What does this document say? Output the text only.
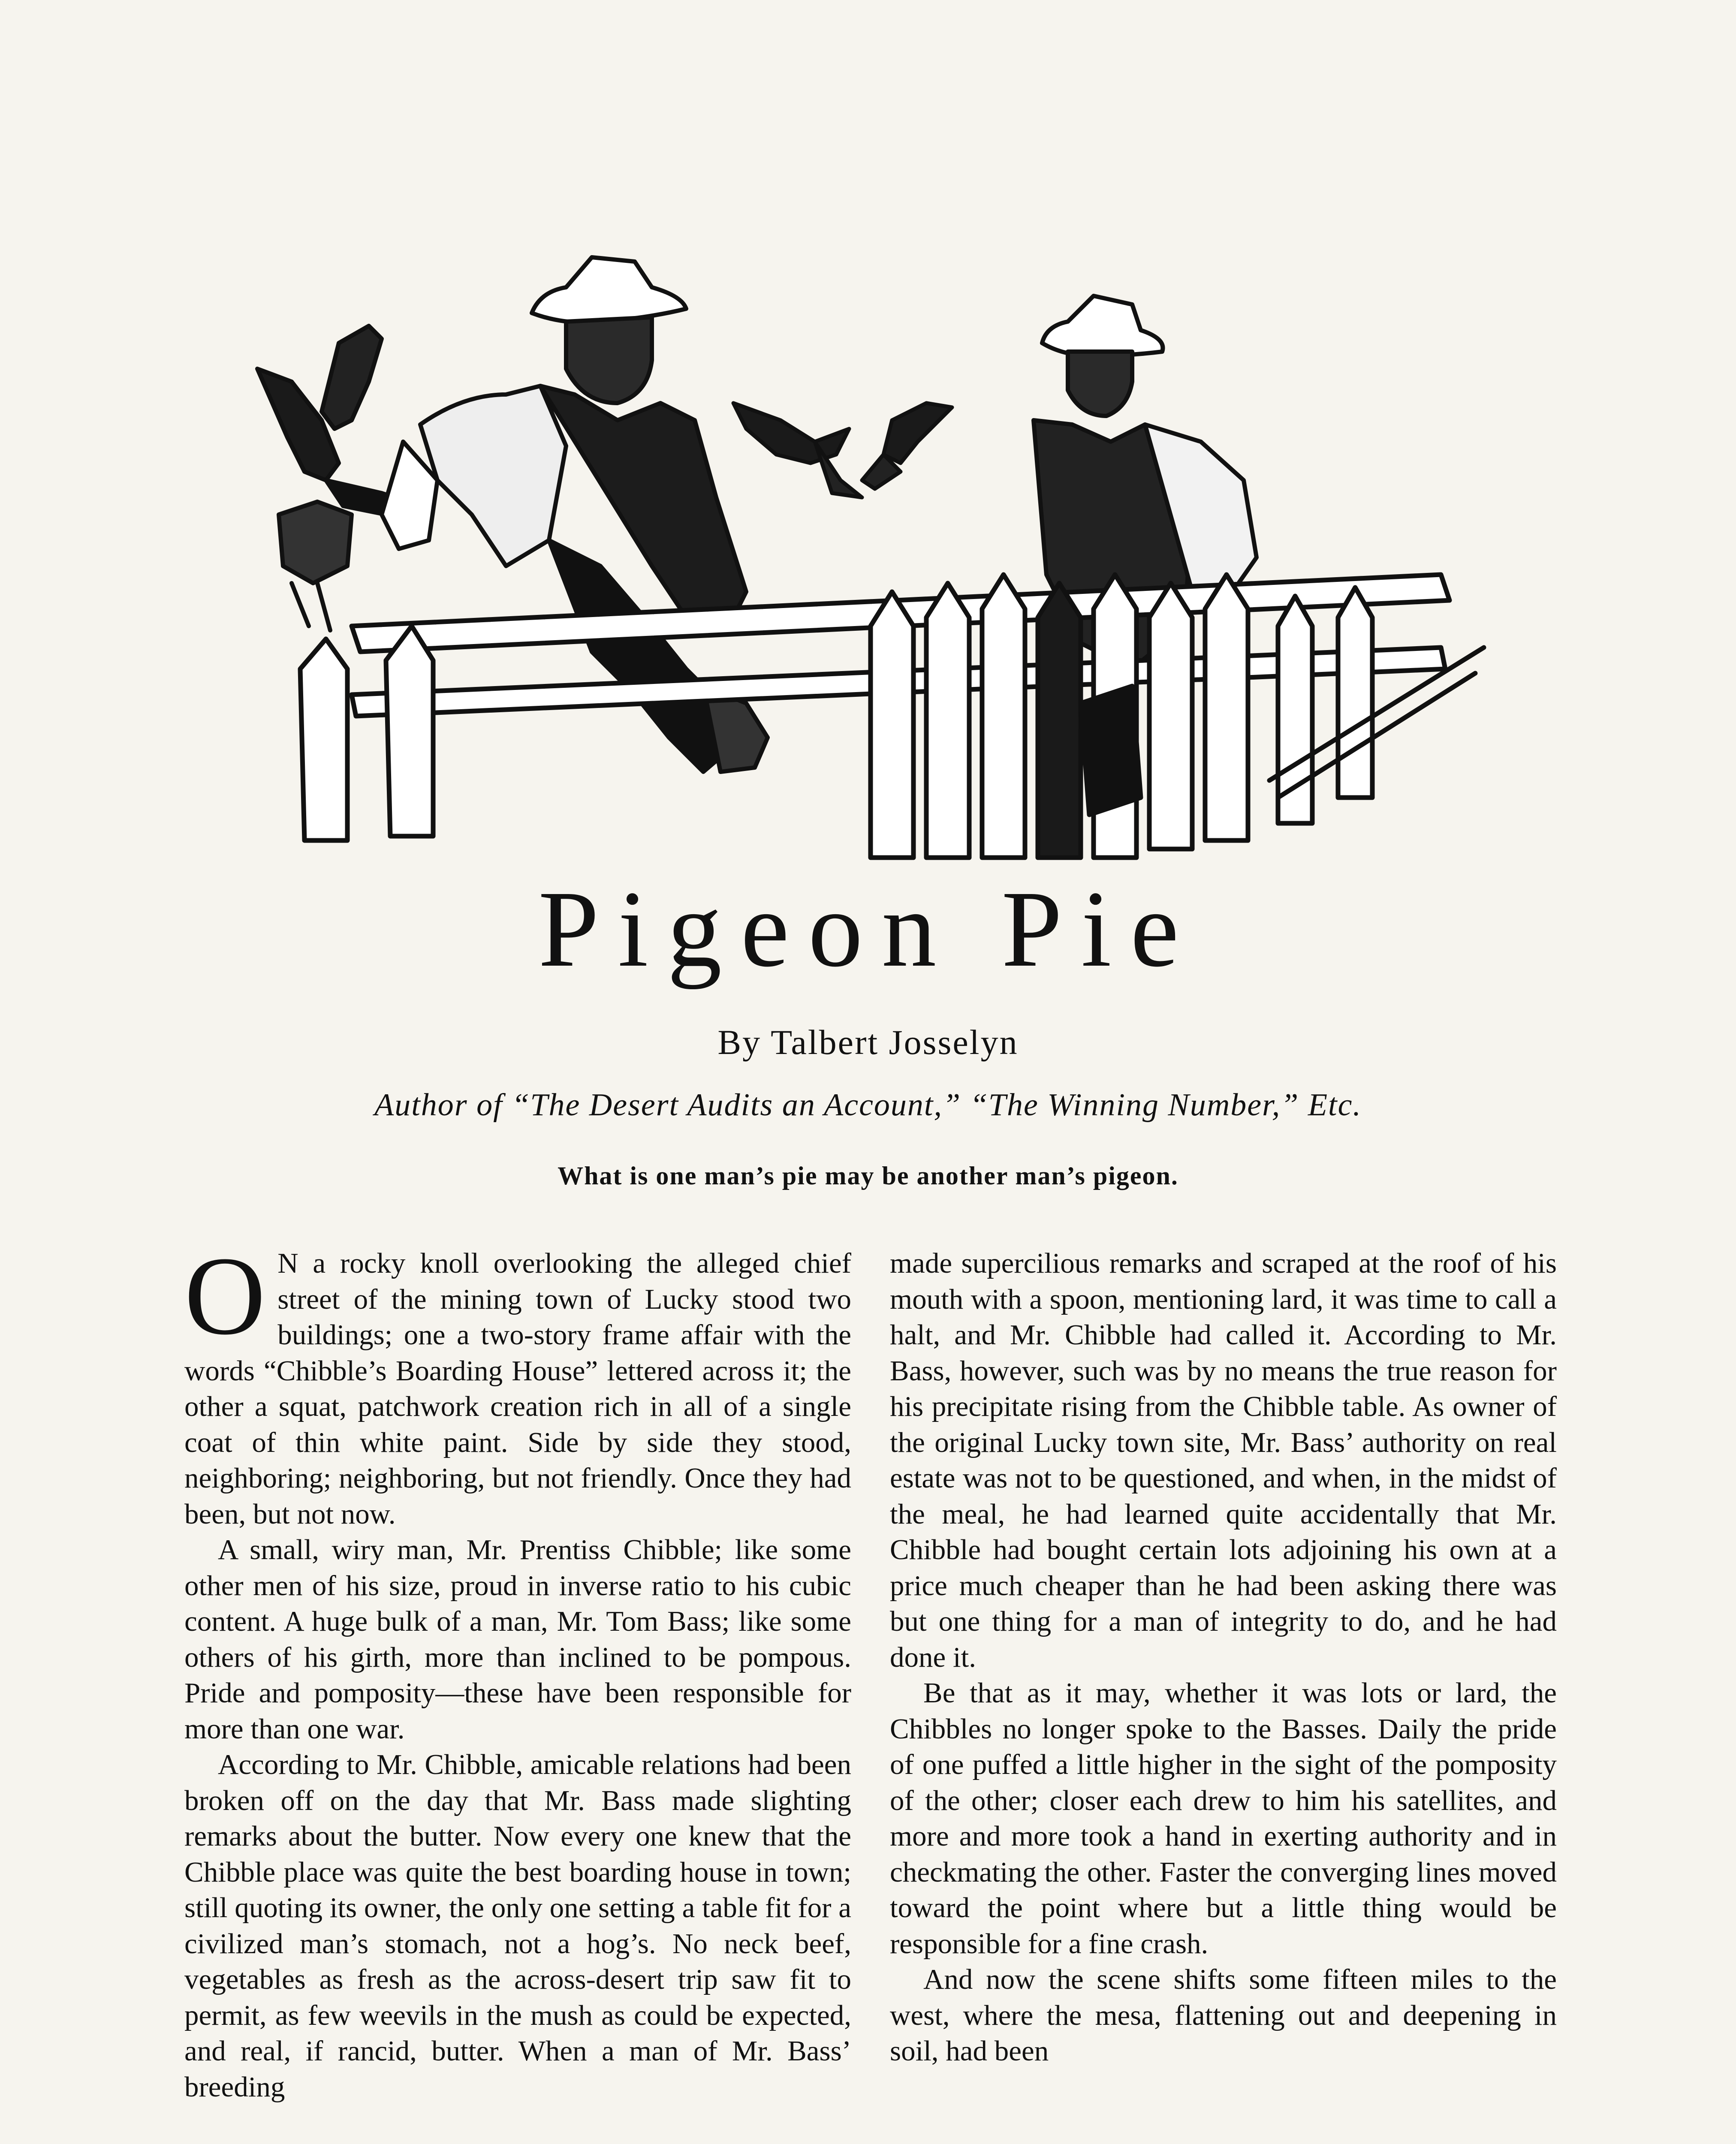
Pigeon Pie
By Talbert Josselyn
Author of “The Desert Audits an Account,” “The Winning Number,” Etc.
What is one man’s pie may be another man’s pigeon.

O N a rocky knoll overlooking the alleged chief street of the mining town of Lucky stood two buildings; one a two-story frame affair with the words “Chibble’s Boarding House” lettered across it; the other a squat, patchwork creation rich in all of a single coat of thin white paint. Side by side they stood, neighboring; neighboring, but not friendly. Once they had been, but not now.

A small, wiry man, Mr. Prentiss Chibble; like some other men of his size, proud in inverse ratio to his cubic content. A huge bulk of a man, Mr. Tom Bass; like some others of his girth, more than inclined to be pompous. Pride and pomposity—these have been responsible for more than one war.

According to Mr. Chibble, amicable relations had been broken off on the day that Mr. Bass made slighting remarks about the butter. Now every one knew that the Chibble place was quite the best boarding house in town; still quoting its owner, the only one setting a table fit for a civilized man’s stomach, not a hog’s. No neck beef, vegetables as fresh as the across-desert trip saw fit to permit, as few weevils in the mush as could be expected, and real, if rancid, butter. When a man of Mr. Bass’ breeding

made supercilious remarks and scraped at the roof of his mouth with a spoon, mentioning lard, it was time to call a halt, and Mr. Chibble had called it. According to Mr. Bass, however, such was by no means the true reason for his precipitate rising from the Chibble table. As owner of the original Lucky town site, Mr. Bass’ authority on real estate was not to be questioned, and when, in the midst of the meal, he had learned quite accidentally that Mr. Chibble had bought certain lots adjoining his own at a price much cheaper than he had been asking there was but one thing for a man of integrity to do, and he had done it.

Be that as it may, whether it was lots or lard, the Chibbles no longer spoke to the Basses. Daily the pride of one puffed a little higher in the sight of the pomposity of the other; closer each drew to him his satellites, and more and more took a hand in exerting authority and in checkmating the other. Faster the converging lines moved toward the point where but a little thing would be responsible for a fine crash.

And now the scene shifts some fifteen miles to the west, where the mesa, flattening out and deepening in soil, had been
